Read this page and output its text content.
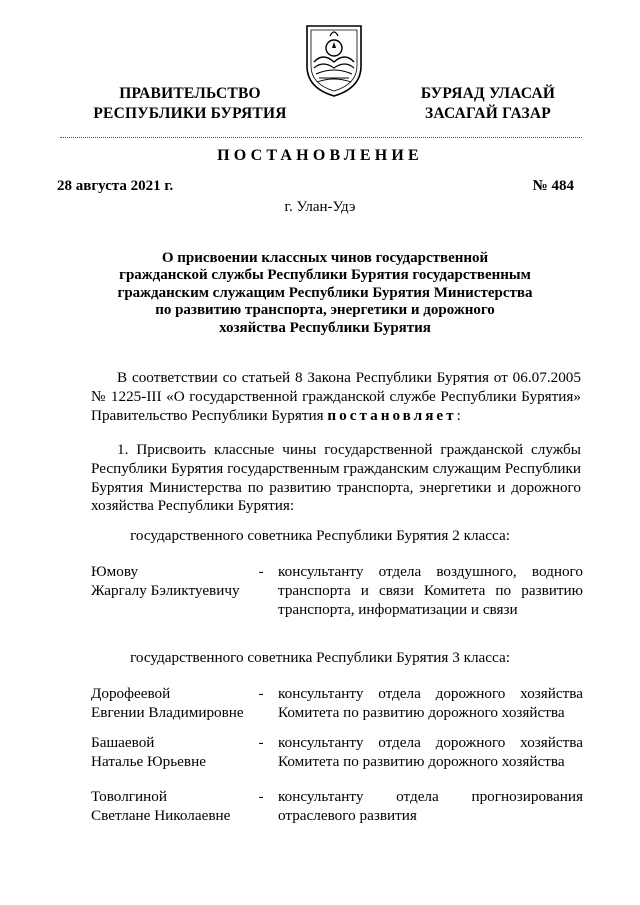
ПРАВИТЕЛЬСТВО
РЕСПУБЛИКИ БУРЯТИЯ
БУРЯАД УЛАСАЙ
ЗАСАГАЙ ГАЗАР
ПОСТАНОВЛЕНИЕ
28 августа 2021 г.	№ 484
г. Улан-Удэ
О присвоении классных чинов государственной
гражданской службы Республики Бурятия государственным
гражданским служащим Республики Бурятия Министерства
по развитию транспорта, энергетики и дорожного
хозяйства Республики Бурятия
В соответствии со статьей 8 Закона Республики Бурятия от 06.07.2005 № 1225-III «О государственной гражданской службе Республики Бурятия» Правительство Республики Бурятия постановляет:
1. Присвоить классные чины государственной гражданской службы Республики Бурятия государственным гражданским служащим Республики Бурятия Министерства по развитию транспорта, энергетики и дорожного хозяйства Республики Бурятия:
государственного советника Республики Бурятия 2 класса:
Юмову
Жаргалу Бэликтуевичу
- консультанту отдела воздушного, водного транспорта и связи Комитета по развитию транспорта, информатизации и связи
государственного советника Республики Бурятия 3 класса:
Дорофеевой
Евгении Владимировне
- консультанту отдела дорожного хозяйства Комитета по развитию дорожного хозяйства
Башаевой
Наталье Юрьевне
- консультанту отдела дорожного хозяйства Комитета по развитию дорожного хозяйства
Товолгиной
Светлане Николаевне
- консультанту отдела прогнозирования отраслевого развития
